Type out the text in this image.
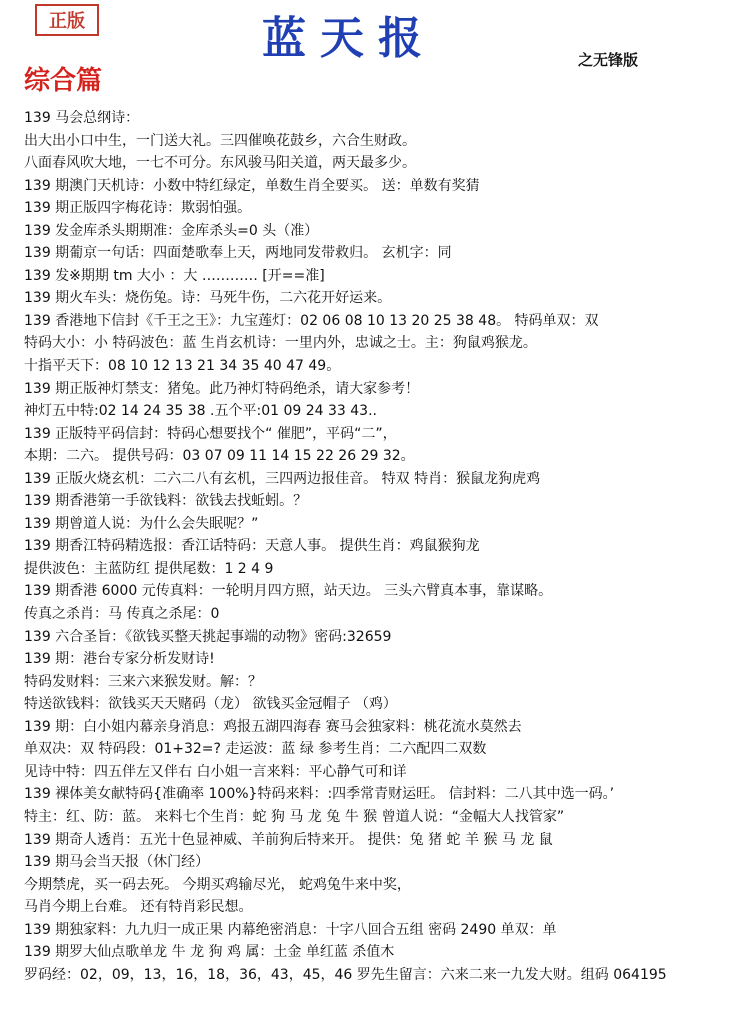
正版	蓝天报	之无锋版
综合篇
139 马会总纲诗：
出大出小口中生，一门送大礼。三四催唤花鼓乡，六合生财政。
八面春风吹大地，一七不可分。东风骏马阳关道，两天最多少。
139 期澳门天机诗：小数中特红绿定，单数生肖全要买。 送：单数有奖猜
139 期正版四字梅花诗：欺弱怕强。
139 发金库杀头期期准：金库杀头=0 头（准）
139 期葡京一句话：四面楚歌奉上天，两地同发带救归。 玄机字：同
139 发※期期 tm 大小 ：大 ………… [开==准]
139 期火车头：烧伤兔。诗：马死牛伤，二六花开好运来。
139 香港地下信封《千王之王》：九宝莲灯：02 06 08 10 13 20 25 38 48。 特码单双：双
特码大小：小 特码波色：蓝 生肖玄机诗：一里内外，忠诚之士。主：狗鼠鸡猴龙。
十指平天下：08 10 12 13 21 34 35 40 47 49。
139 期正版神灯禁支：猪兔。此乃神灯特码绝杀，请大家参考！
神灯五中特:02 14 24 35 38 .五个平:01 09 24 33 43..
139 正版特平码信封：特码心想要找个“ 催肥”，平码“二”，
本期：二六。 提供号码：03 07 09 11 14 15 22 26 29 32。
139 正版火烧玄机：二六二八有玄机，三四两边报佳音。 特双 特肖：猴鼠龙狗虎鸡
139 期香港第一手欲钱料：欲钱去找蚯蚓。？
139 期曾道人说：为什么会失眠呢？”
139 期香江特码精选报：香江话特码：天意人事。 提供生肖：鸡鼠猴狗龙
提供波色：主蓝防红 提供尾数：1 2 4 9
139 期香港 6000 元传真料：一轮明月四方照，站天边。 三头六臂真本事，靠谋略。
传真之杀肖：马 传真之杀尾：0
139 六合圣旨：《欲钱买整天挑起事端的动物》密码:32659
139 期：港台专家分析发财诗!
特码发财料：三来六来猴发财。解：？
特送欲钱料：欲钱买天天赌码（龙） 欲钱买金冠帽子 （鸡）
139 期：白小姐内幕亲身消息：鸡报五湖四海春 赛马会独家料：桃花流水莫然去
单双决：双 特码段：01+32=? 走运波：蓝 绿 参考生肖：二六配四二双数
见诗中特：四五伴左又伴右 白小姐一言来料：平心静气可和详
139 裸体美女献特码{准确率 100%}特码来料：:四季常青财运旺。 信封料：二八其中选一码。’
特主：红、防：蓝。 来料七个生肖：蛇 狗 马 龙 兔 牛 猴 曾道人说：“金幅大人找管家”
139 期奇人透肖：五光十色显神威、羊前狗后特来开。 提供：兔 猪 蛇 羊 猴 马 龙 鼠
139 期马会当天报（休门经）
今期禁虎，买一码去死。 今期买鸡输尽光， 蛇鸡兔牛来中奖，
马肖今期上台难。 还有特肖彩民想。
139 期独家料：九九归一成正果 内幕绝密消息：十字八回合五组 密码 2490 单双：单
139 期罗大仙点歌单龙 牛 龙 狗 鸡 属：土金 单红蓝 杀值木
罗码经：02，09，13，16，18，36，43，45，46 罗先生留言：六来二来一九发大财。组码 064195
